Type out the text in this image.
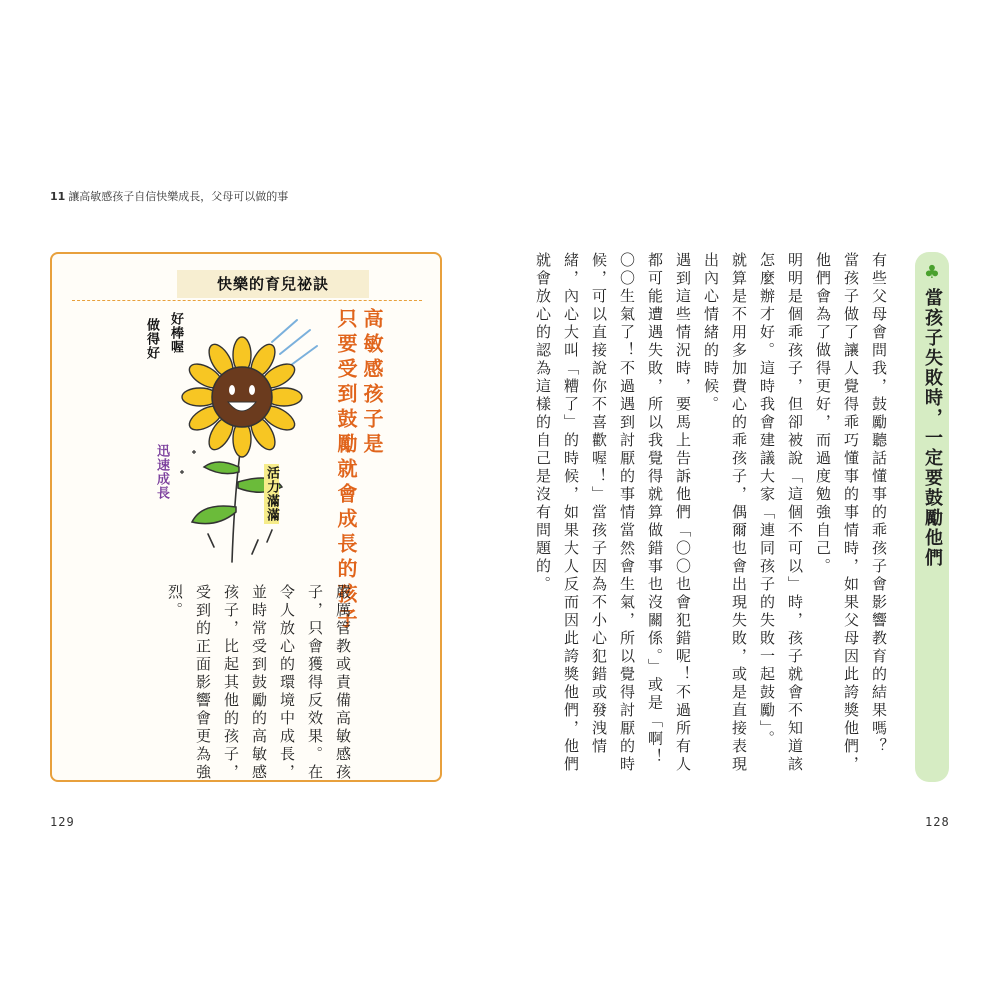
11 讓高敏感孩子自信快樂成長，父母可以做的事
快樂的育兒祕訣
高敏感孩子是
只要受到鼓勵就會成長的孩子
好棒喔
做得好
迅速成長	活力滿滿
嚴厲管教或責備高敏感孩子，只會獲得反效果。在令人放心的環境中成長，並時常受到鼓勵的高敏感孩子，比起其他的孩子，受到的正面影響會更為強烈。
129
♣
當孩子失敗時，一定要鼓勵他們

有些父母會問我，鼓勵聽話懂事的乖孩子會影響教育的結果嗎？

當孩子做了讓人覺得乖巧懂事的事情時，如果父母因此誇獎他們，他們會為了做得更好，而過度勉強自己。

明明是個乖孩子，但卻被說「這個不可以」時，孩子就會不知道該怎麼辦才好。這時我會建議大家「連同孩子的失敗一起鼓勵」。

就算是不用多加費心的乖孩子，偶爾也會出現失敗，或是直接表現出內心情緒的時候。

遇到這些情況時，要馬上告訴他們「〇〇也會犯錯呢！不過所有人都可能遭遇失敗，所以我覺得就算做錯事也沒關係。」或是「啊！〇〇生氣了！不過遇到討厭的事情當然會生氣，所以覺得討厭的時候，可以直接說你不喜歡喔！」當孩子因為不小心犯錯或發洩情緒，內心大叫「糟了」的時候，如果大人反而因此誇獎他們，他們就會放心的認為這樣的自己是沒有問題的。

128
